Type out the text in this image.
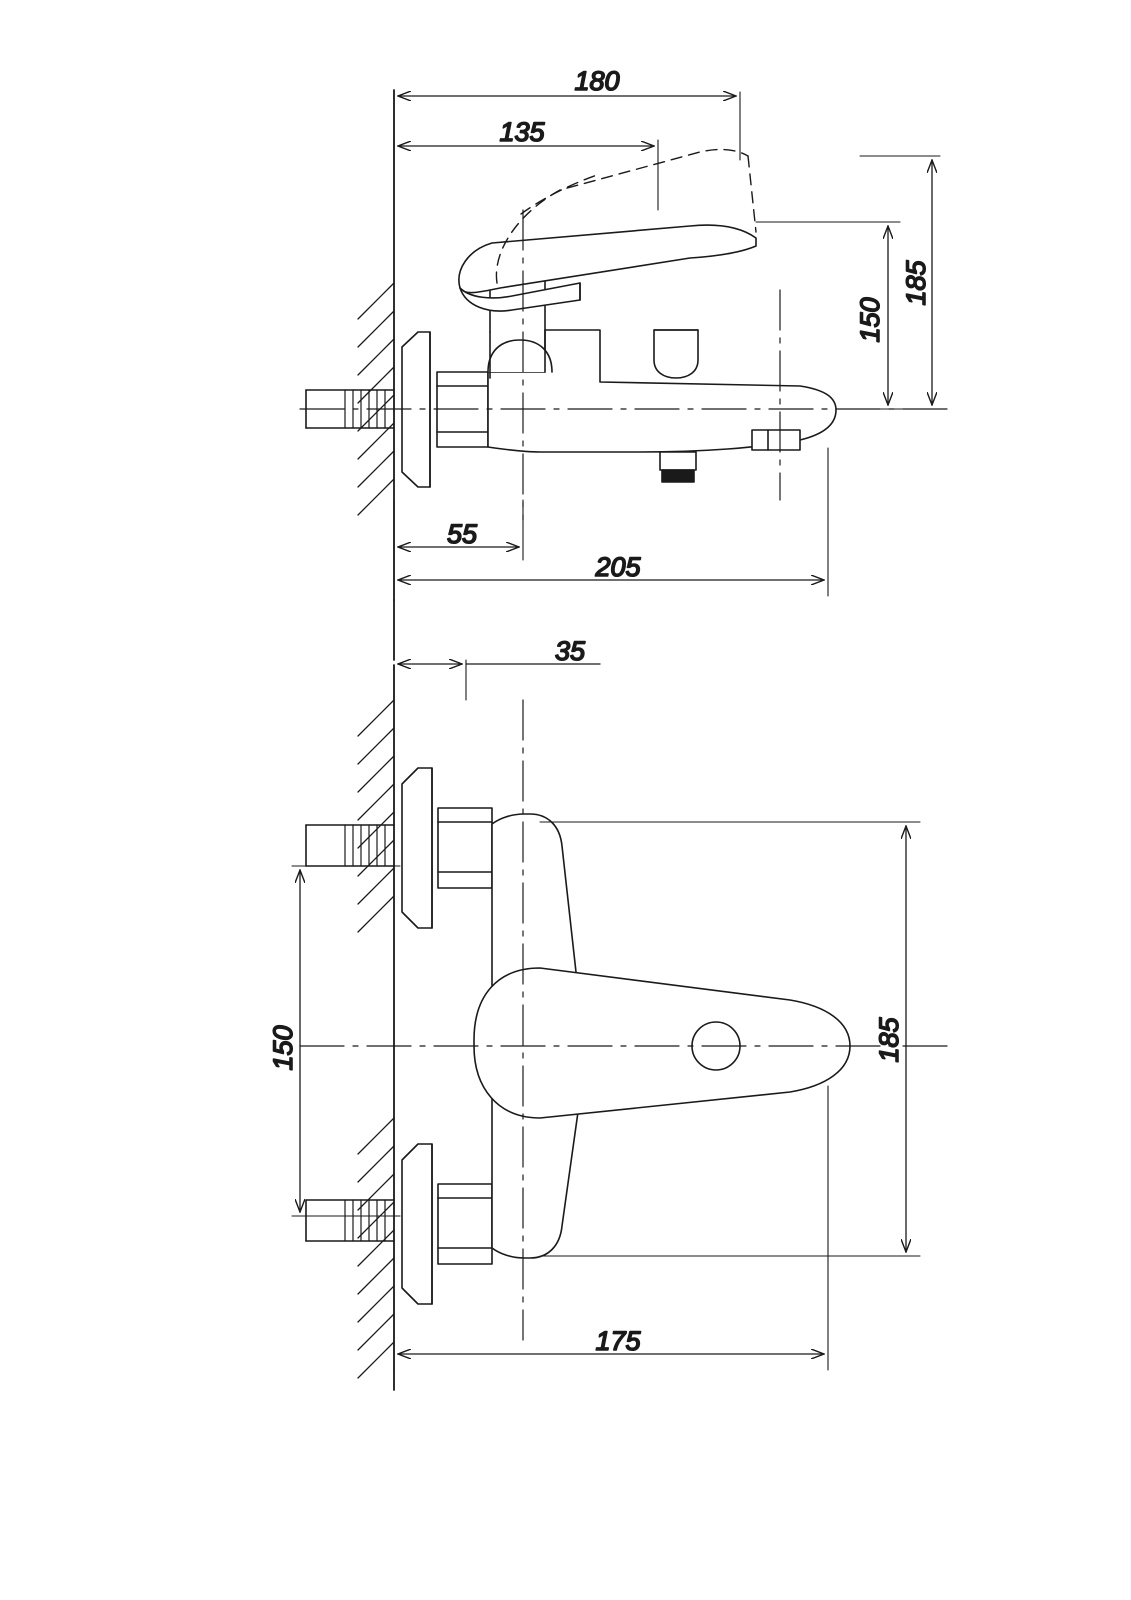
180
135
185
150
55
205
35
185
150
175
